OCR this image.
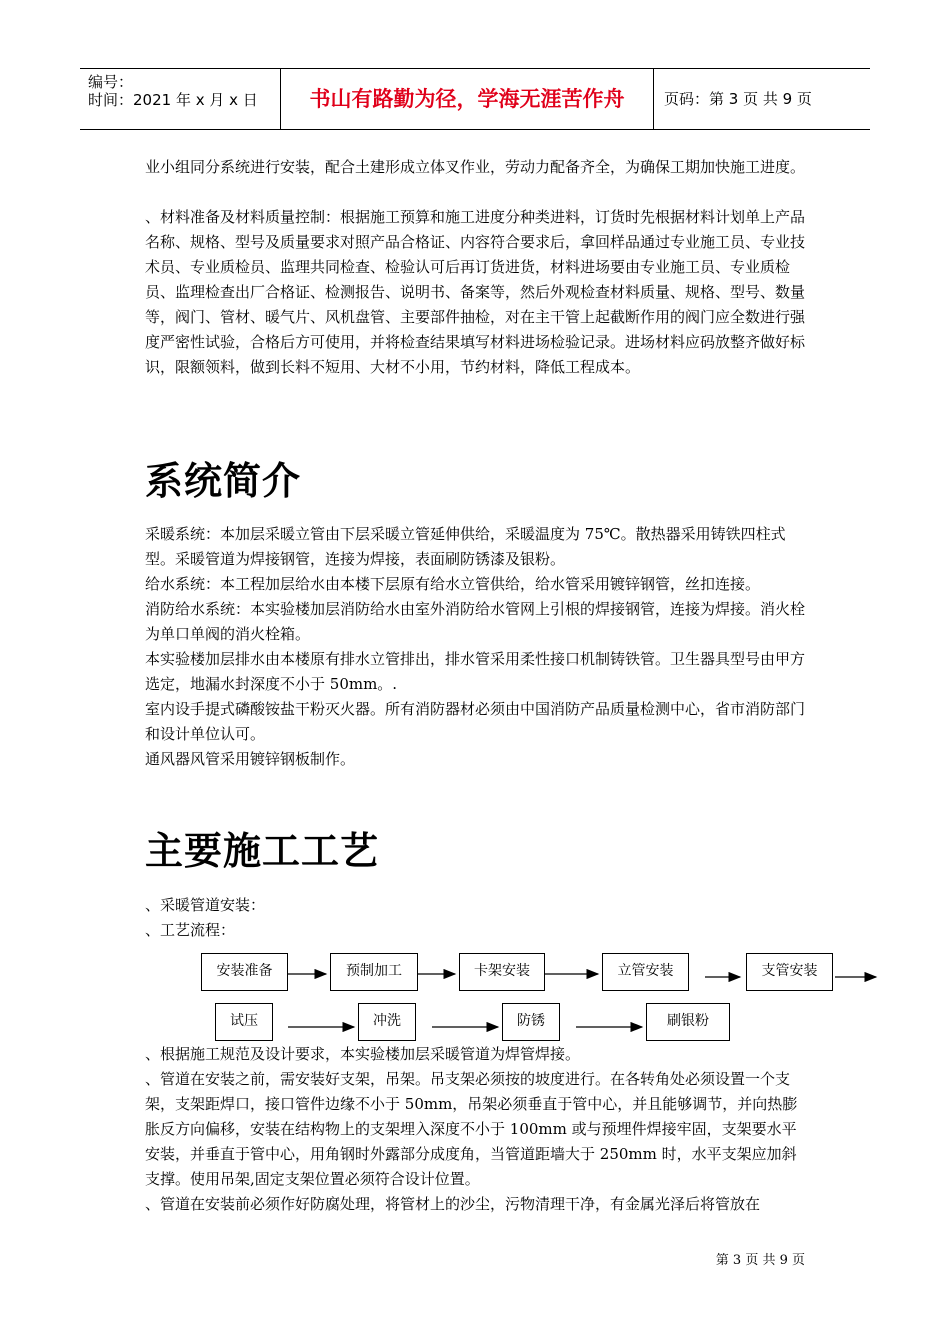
编号：
时间：2021 年 x 月 x 日	书山有路勤为径，学海无涯苦作舟	页码：第 3 页 共 9 页

业小组同分系统进行安装，配合土建形成立体叉作业，劳动力配备齐全，为确保工期加快施工进度。

、材料准备及材料质量控制：根据施工预算和施工进度分种类进料，订货时先根据材料计划单上产品名称、规格、型号及质量要求对照产品合格证、内容符合要求后，拿回样品通过专业施工员、专业技术员、专业质检员、监理共同检查、检验认可后再订货进货，材料进场要由专业施工员、专业质检员、监理检查出厂合格证、检测报告、说明书、备案等，然后外观检查材料质量、规格、型号、数量等，阀门、管材、暖气片、风机盘管、主要部件抽检，对在主干管上起截断作用的阀门应全数进行强度严密性试验，合格后方可使用，并将检查结果填写材料进场检验记录。进场材料应码放整齐做好标识，限额领料，做到长料不短用、大材不小用，节约材料，降低工程成本。

系统简介

采暖系统：本加层采暖立管由下层采暖立管延伸供给，采暖温度为 75℃。散热器采用铸铁四柱式型。采暖管道为焊接钢管，连接为焊接，表面刷防锈漆及银粉。

给水系统：本工程加层给水由本楼下层原有给水立管供给，给水管采用镀锌钢管，丝扣连接。

消防给水系统：本实验楼加层消防给水由室外消防给水管网上引根的焊接钢管，连接为焊接。消火栓为单口单阀的消火栓箱。

本实验楼加层排水由本楼原有排水立管排出，排水管采用柔性接口机制铸铁管。卫生器具型号由甲方选定，地漏水封深度不小于 50mm。.

室内设手提式磷酸铵盐干粉灭火器。所有消防器材必须由中国消防产品质量检测中心，省市消防部门和设计单位认可。

通风器风管采用镀锌钢板制作。

主要施工工艺
、采暖管道安装：
、工艺流程：
安装准备	预制加工	卡架安装	立管安装	支管安装
试压	冲洗	防锈	刷银粉

、根据施工规范及设计要求，本实验楼加层采暖管道为焊管焊接。

、管道在安装之前，需安装好支架，吊架。吊支架必须按的坡度进行。在各转角处必须设置一个支架，支架距焊口，接口管件边缘不小于 50mm，吊架必须垂直于管中心，并且能够调节，并向热膨胀反方向偏移，安装在结构物上的支架埋入深度不小于 100mm 或与预埋件焊接牢固，支架要水平安装，并垂直于管中心，用角钢时外露部分成度角，当管道距墙大于 250mm 时，水平支架应加斜支撑。使用吊架,固定支架位置必须符合设计位置。

、管道在安装前必须作好防腐处理，将管材上的沙尘，污物清理干净，有金属光泽后将管放在

第 3 页 共 9 页
